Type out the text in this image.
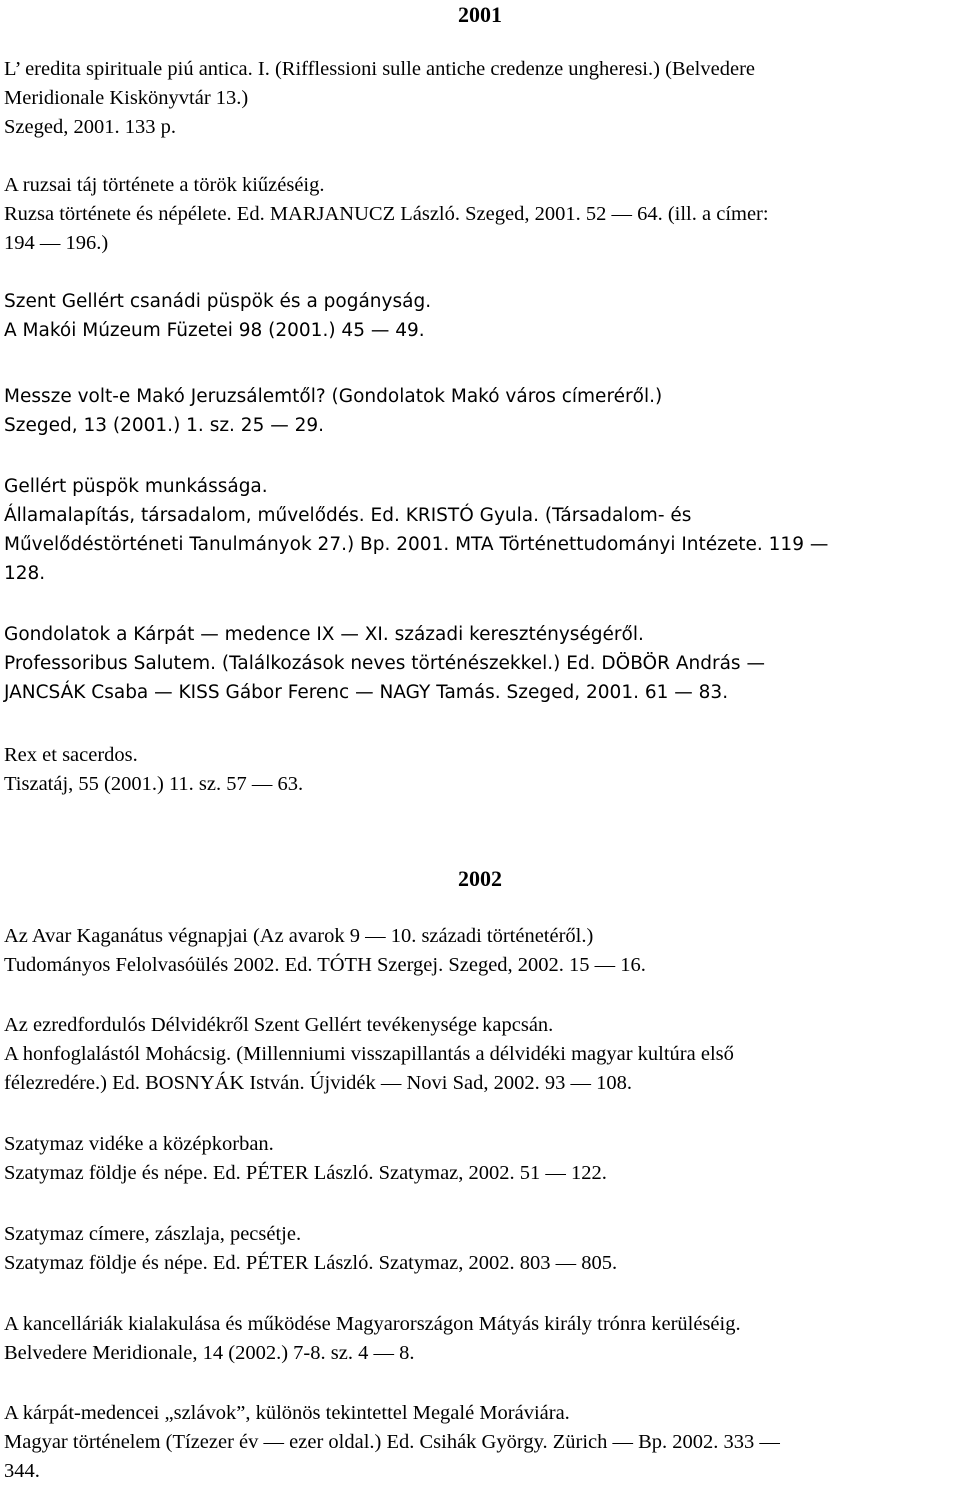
2001
L’ eredita spirituale piú antica. I. (Rifflessioni sulle antiche credenze ungheresi.) (Belvedere
Meridionale Kiskönyvtár 13.)
Szeged, 2001. 133 p.
A ruzsai táj története a török kiűzéséig.
Ruzsa története és népélete. Ed. MARJANUCZ László. Szeged, 2001. 52 — 64. (ill. a címer:
194 — 196.)
Szent Gellért csanádi püspök és a pogányság.
A Makói Múzeum Füzetei 98 (2001.) 45 — 49.
Messze volt-e Makó Jeruzsálemtől? (Gondolatok Makó város címeréről.)
Szeged, 13 (2001.) 1. sz. 25 — 29.
Gellért püspök munkássága.
Államalapítás, társadalom, művelődés. Ed. KRISTÓ Gyula. (Társadalom- és
Művelődéstörténeti Tanulmányok 27.) Bp. 2001. MTA Történettudományi Intézete. 119 —
128.
Gondolatok a Kárpát — medence IX — XI. századi kereszténységéről.
Professoribus Salutem. (Találkozások neves történészekkel.) Ed. DÖBÖR András —
JANCSÁK Csaba — KISS Gábor Ferenc — NAGY Tamás. Szeged, 2001. 61 — 83.
Rex et sacerdos.
Tiszatáj, 55 (2001.) 11. sz. 57 — 63.
2002
Az Avar Kaganátus végnapjai (Az avarok 9 — 10. századi történetéről.)
Tudományos Felolvasóülés 2002. Ed. TÓTH Szergej. Szeged, 2002. 15 — 16.
Az ezredfordulós Délvidékről Szent Gellért tevékenysége kapcsán.
A honfoglalástól Mohácsig. (Millenniumi visszapillantás a délvidéki magyar kultúra első
félezredére.) Ed. BOSNYÁK István. Újvidék — Novi Sad, 2002. 93 — 108.
Szatymaz vidéke a középkorban.
Szatymaz földje és népe. Ed. PÉTER László. Szatymaz, 2002. 51 — 122.
Szatymaz címere, zászlaja, pecsétje.
Szatymaz földje és népe. Ed. PÉTER László. Szatymaz, 2002. 803 — 805.
A kancelláriák kialakulása és működése Magyarországon Mátyás király trónra kerüléséig.
Belvedere Meridionale, 14 (2002.) 7-8. sz. 4 — 8.
A kárpát-medencei „szlávok”, különös tekintettel Megalé Moráviára.
Magyar történelem (Tízezer év — ezer oldal.) Ed. Csihák György. Zürich — Bp. 2002. 333 —
344.
